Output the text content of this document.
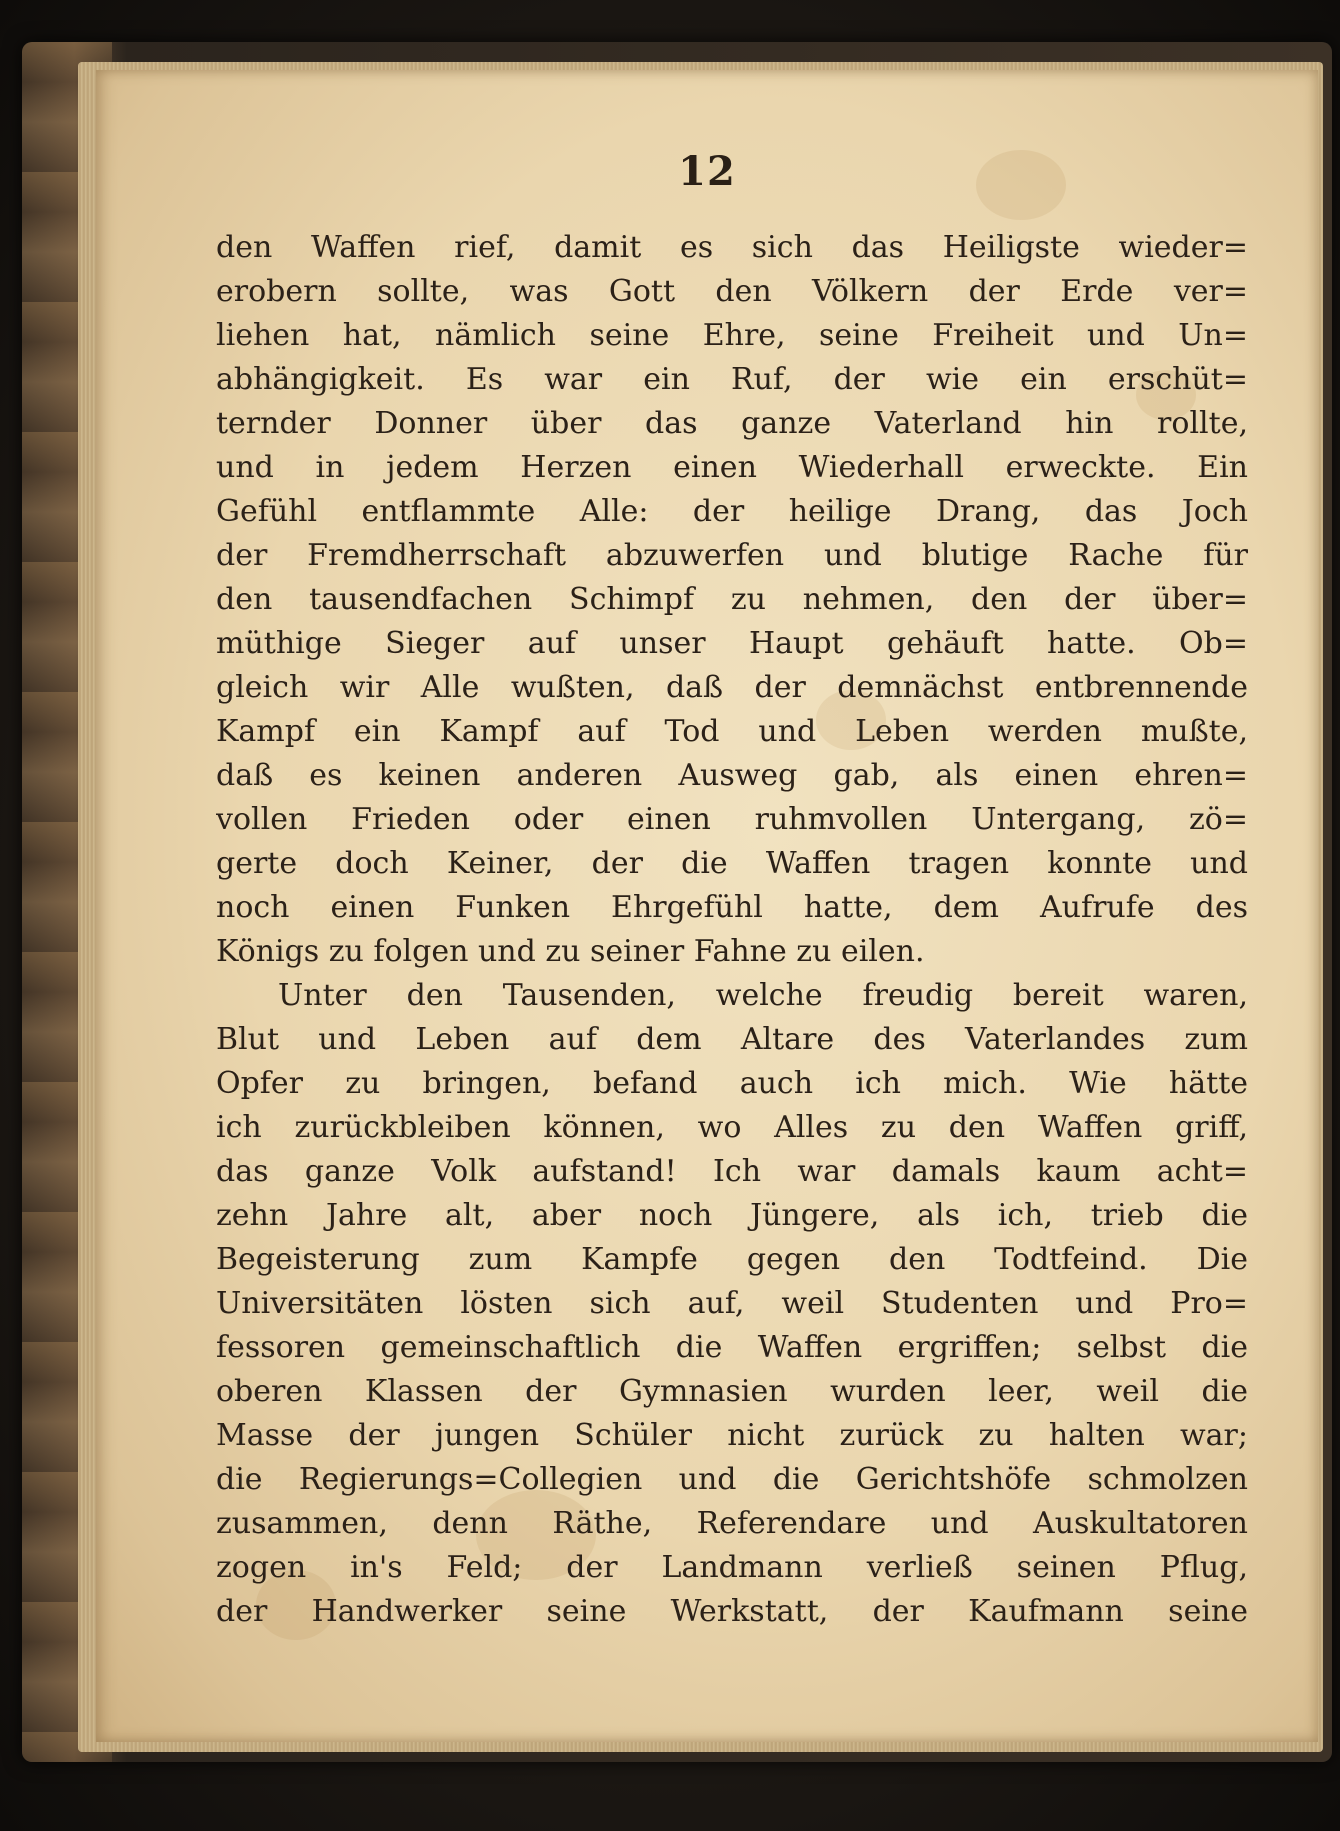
12
den Waffen rief, damit es sich das Heiligste wieder=
erobern sollte, was Gott den Völkern der Erde ver=
liehen hat, nämlich seine Ehre, seine Freiheit und Un=
abhängigkeit. Es war ein Ruf, der wie ein erschüt=
ternder Donner über das ganze Vaterland hin rollte,
und in jedem Herzen einen Wiederhall erweckte. Ein
Gefühl entflammte Alle: der heilige Drang, das Joch
der Fremdherrschaft abzuwerfen und blutige Rache für
den tausendfachen Schimpf zu nehmen, den der über=
müthige Sieger auf unser Haupt gehäuft hatte. Ob=
gleich wir Alle wußten, daß der demnächst entbrennende
Kampf ein Kampf auf Tod und Leben werden mußte,
daß es keinen anderen Ausweg gab, als einen ehren=
vollen Frieden oder einen ruhmvollen Untergang, zö=
gerte doch Keiner, der die Waffen tragen konnte und
noch einen Funken Ehrgefühl hatte, dem Aufrufe des
Königs zu folgen und zu seiner Fahne zu eilen.
Unter den Tausenden, welche freudig bereit waren,
Blut und Leben auf dem Altare des Vaterlandes zum
Opfer zu bringen, befand auch ich mich. Wie hätte
ich zurückbleiben können, wo Alles zu den Waffen griff,
das ganze Volk aufstand! Ich war damals kaum acht=
zehn Jahre alt, aber noch Jüngere, als ich, trieb die
Begeisterung zum Kampfe gegen den Todtfeind. Die
Universitäten lösten sich auf, weil Studenten und Pro=
fessoren gemeinschaftlich die Waffen ergriffen; selbst die
oberen Klassen der Gymnasien wurden leer, weil die
Masse der jungen Schüler nicht zurück zu halten war;
die Regierungs=Collegien und die Gerichtshöfe schmolzen
zusammen, denn Räthe, Referendare und Auskultatoren
zogen in's Feld; der Landmann verließ seinen Pflug,
der Handwerker seine Werkstatt, der Kaufmann seine
